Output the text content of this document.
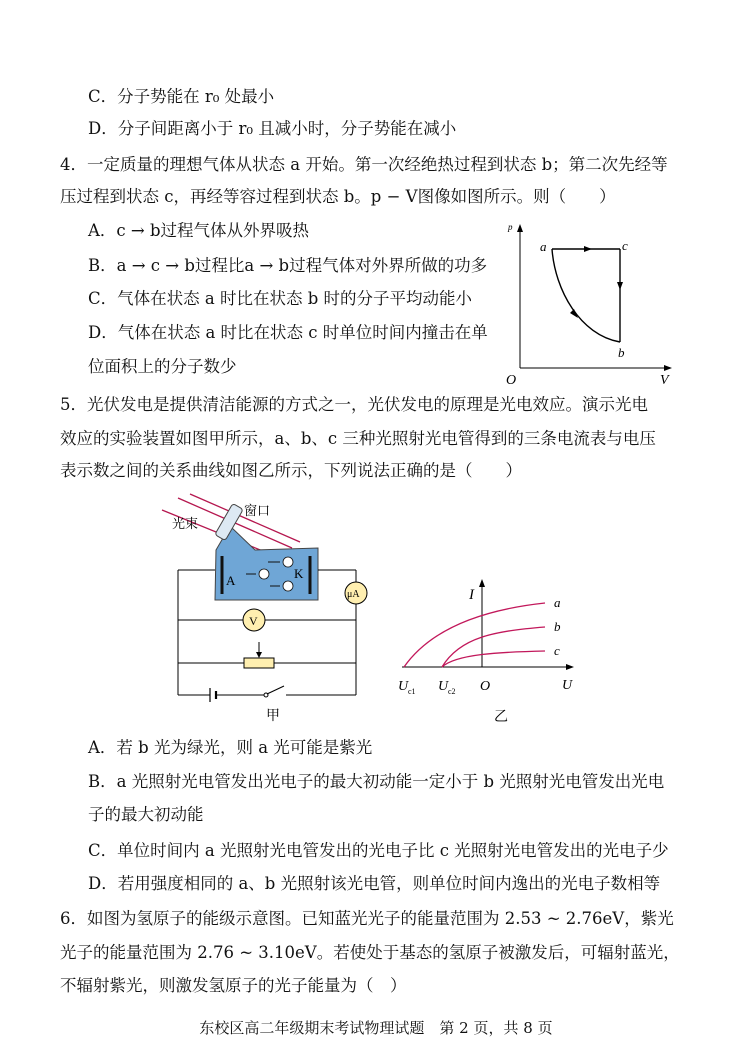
C．分子势能在 r₀ 处最小
D．分子间距离小于 r₀ 且减小时，分子势能在减小
4．一定质量的理想气体从状态 a 开始。第一次经绝热过程到状态 b；第二次先经等
压过程到状态 c，再经等容过程到状态 b。p − V图像如图所示。则（　　）
A．c → b过程气体从外界吸热
B．a → c → b过程比a → b过程气体对外界所做的功多
C．气体在状态 a 时比在状态 b 时的分子平均动能小
D．气体在状态 a 时比在状态 c 时单位时间内撞击在单
位面积上的分子数少
5．光伏发电是提供清洁能源的方式之一，光伏发电的原理是光电效应。演示光电
效应的实验装置如图甲所示，a、b、c 三种光照射光电管得到的三条电流表与电压
表示数之间的关系曲线如图乙所示，下列说法正确的是（　　）
A．若 b 光为绿光，则 a 光可能是紫光
B．a 光照射光电管发出光电子的最大初动能一定小于 b 光照射光电管发出光电
子的最大初动能
C．单位时间内 a 光照射光电管发出的光电子比 c 光照射光电管发出的光电子少
D．若用强度相同的 a、b 光照射该光电管，则单位时间内逸出的光电子数相等
6．如图为氢原子的能级示意图。已知蓝光光子的能量范围为 2.53 ~ 2.76eV，紫光
光子的能量范围为 2.76 ~ 3.10eV。若使处于基态的氢原子被激发后，可辐射蓝光，
不辐射紫光，则激发氢原子的光子能量为（　）
东校区高二年级期末考试物理试题　第 2 页，共 8 页
p
a	c
b
O	V
A	K
窗口
光束
μA
V
甲
I	a
b
c
U c1 U c2 O	U
乙
